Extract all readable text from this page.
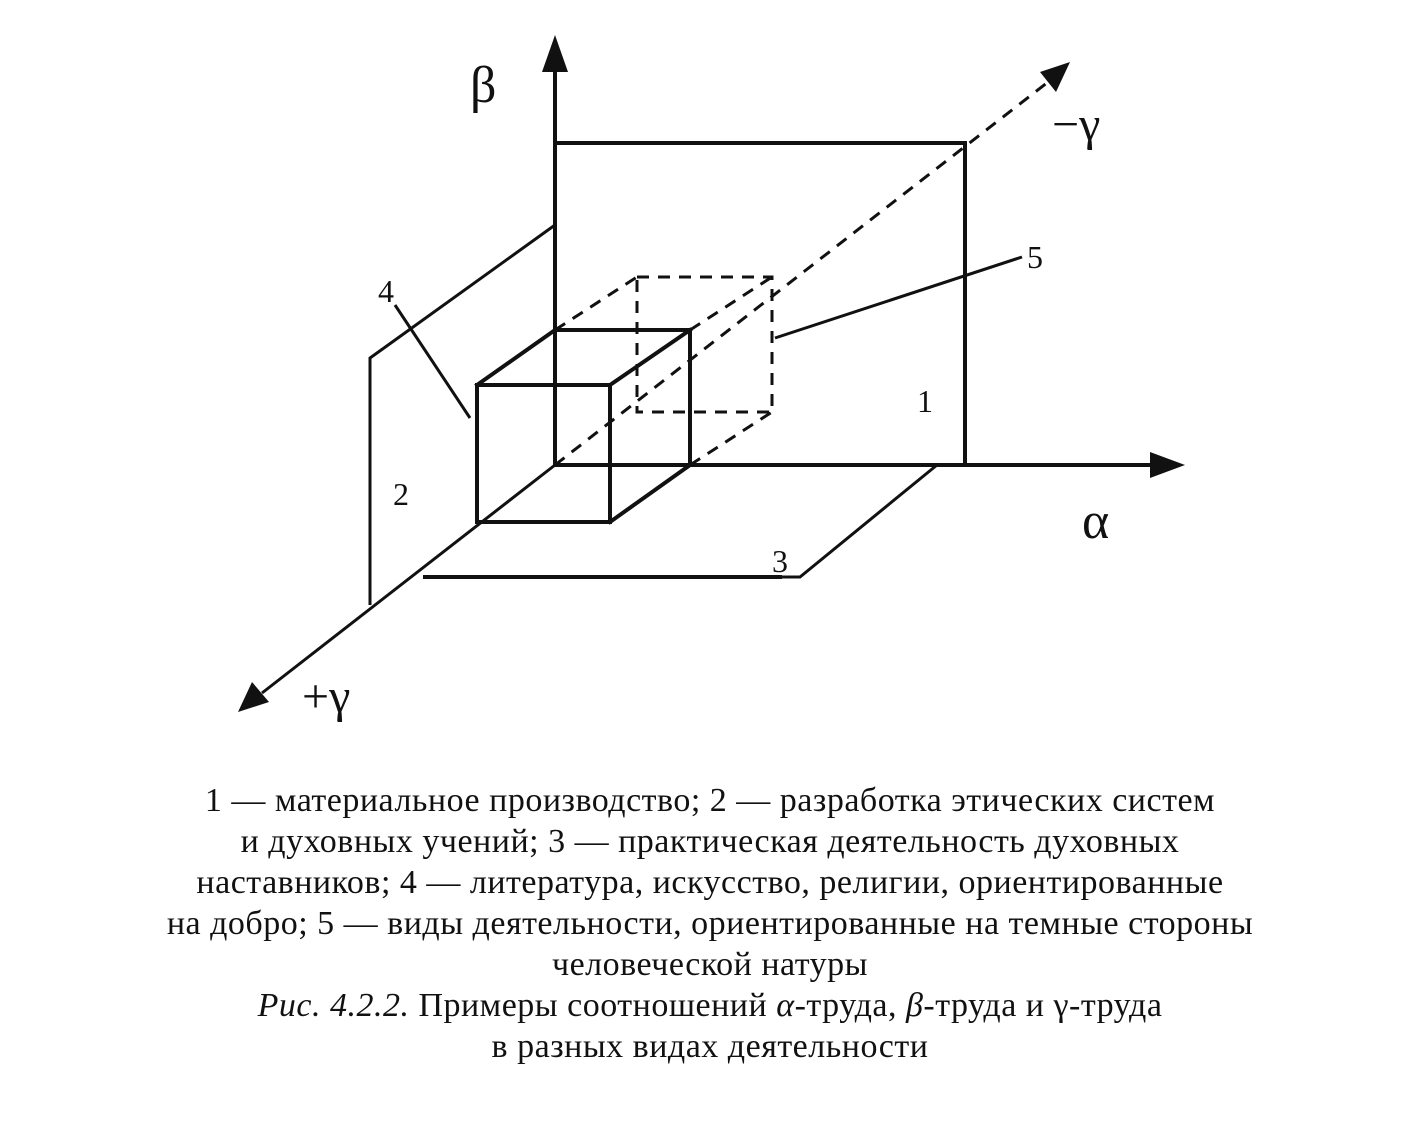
β
α
−γ
+γ
1
2
3
4
5
1 — материальное производство; 2 — разработка этических систем
и духовных учений; 3 — практическая деятельность духовных
наставников; 4 — литература, искусство, религии, ориентированные
на добро; 5 — виды деятельности, ориентированные на темные стороны
человеческой натуры
Рис. 4.2.2. Примеры соотношений α-труда, β-труда и γ-труда
в разных видах деятельности
